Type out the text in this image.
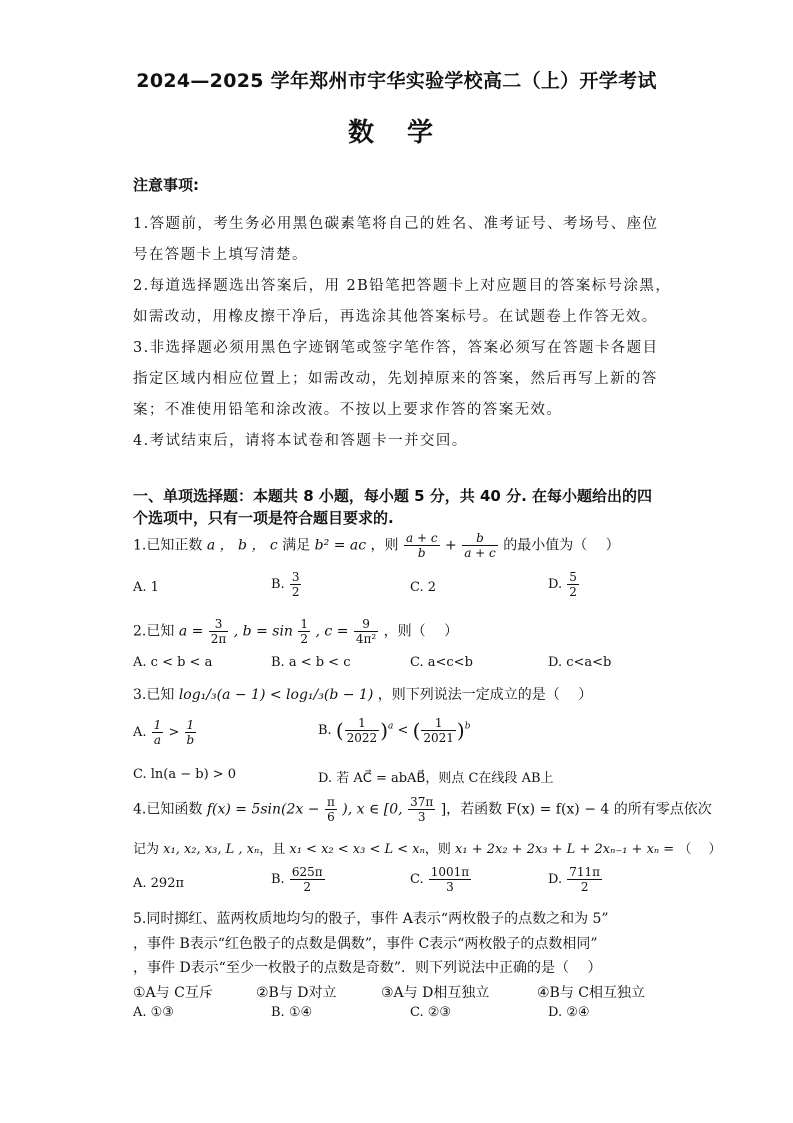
2024—2025 学年郑州市宇华实验学校高二（上）开学考试
数 学
注意事项:
1.答题前，考生务必用黑色碳素笔将自己的姓名、准考证号、考场号、座位
号在答题卡上填写清楚。
2.每道选择题选出答案后，用 2B铅笔把答题卡上对应题目的答案标号涂黑，
如需改动，用橡皮擦干净后，再选涂其他答案标号。在试题卷上作答无效。
3.非选择题必须用黑色字迹钢笔或签字笔作答，答案必须写在答题卡各题目
指定区域内相应位置上；如需改动，先划掉原来的答案，然后再写上新的答
案；不准使用铅笔和涂改液。不按以上要求作答的答案无效。
4.考试结束后，请将本试卷和答题卡一并交回。
一、单项选择题：本题共 8 小题，每小题 5 分，共 40 分. 在每小题给出的四
个选项中，只有一项是符合题目要求的.
1.已知正数 a ， b ， c 满足 b² = ac ，则 $\frac{a + c}{b} + \frac{b}{a + c}$ 的最小值为（　 ）
A. 1	B. $\frac{3}{2}$	C. 2	D. $\frac{5}{2}$
2.已知 $a = \frac{3}{2\pi}$ , $b = \sin \frac{1}{2}$ , $c = \frac{9}{\text{4π²}}$ ，则（　 ）
A. c < b < a	B. a < b < c	C. a<c<b	D. c<a<b
3.已知 log₁/₃(a − 1) < log₁/₃(b − 1) ，则下列说法一定成立的是（　 ）
A. $\frac{1}{a} > \frac{1}{b}$	B. ( $\frac{1}{2022} )^a$ < ( $\frac{1}{2021} )^b$
C. ln(a − b) > 0	D. 若 AC⃗ = abAB⃗，则点 C在线段 AB上
4.已知函数 $f(x) = 5\sin(2x - \frac{\pi}{6}$ ), x ∈ [0, $\frac{37\pi}{3}$ ]，若函数 F(x) = f(x) − 4 的所有零点依次
记为 x₁, x₂, x₃, L , xₙ，且 x₁ < x₂ < x₃ < L < xₙ，则 x₁ + 2x₂ + 2x₃ + L + 2xₙ₋₁ + xₙ = （　 ）
A. 292π	B. $\frac{625\pi}{2}$	C. $\frac{1001\pi}{3}$	D. $\frac{711\pi}{2}$
5.同时掷红、蓝两枚质地均匀的骰子，事件 A表示“两枚骰子的点数之和为 5”
，事件 B表示“红色骰子的点数是偶数”，事件 C表示“两枚骰子的点数相同”
，事件 D表示“至少一枚骰子的点数是奇数”．则下列说法中正确的是（　 ）
①A与 C互斥	②B与 D对立	③A与 D相互独立	④B与 C相互独立
A. ①③	B. ①④	C. ②③	D. ②④
